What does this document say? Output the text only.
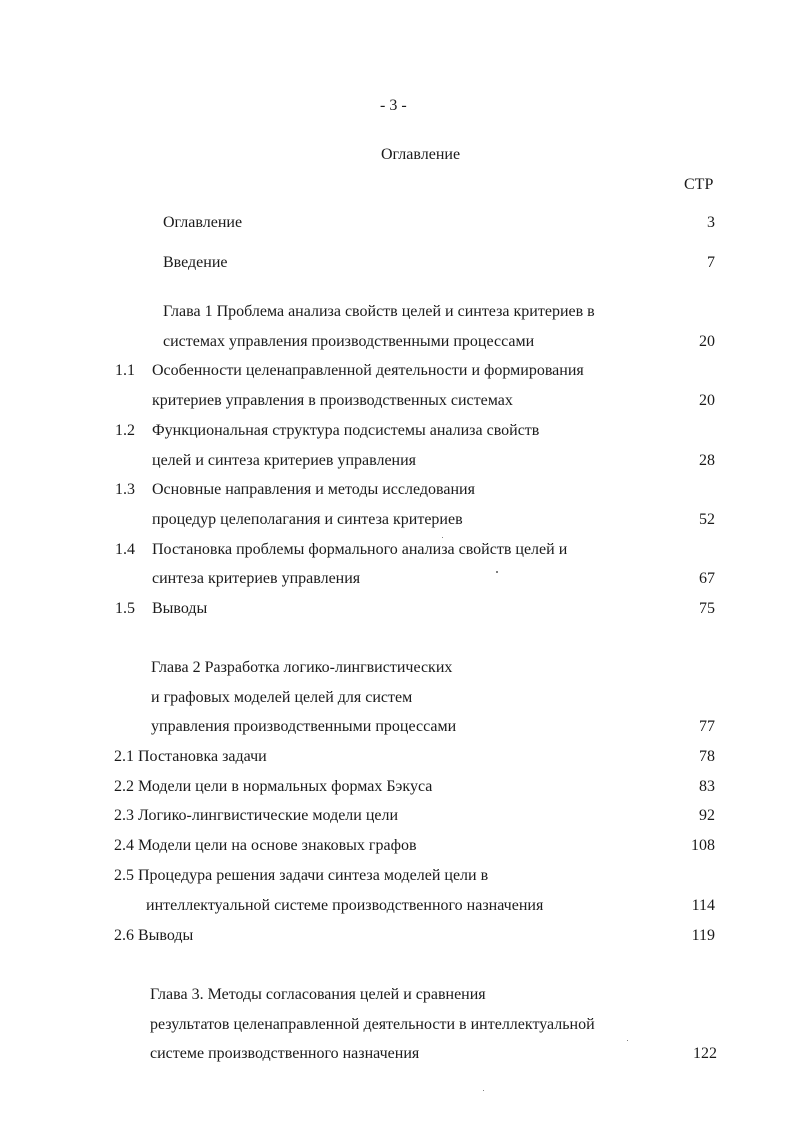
- 3 -
Оглавление
СТР
Оглавление	3
Введение	7
Глава 1 Проблема анализа свойств целей и синтеза критериев в
системах управления производственными процессами	20
1.1 Особенности целенаправленной деятельности и формирования
критериев управления в производственных системах	20
1.2 Функциональная структура подсистемы анализа свойств
целей и синтеза критериев управления	28
1.3 Основные направления и методы исследования
процедур целеполагания и синтеза критериев	52
1.4 Постановка проблемы формального анализа свойств целей и
синтеза критериев управления	67
1.5 Выводы	75
Глава 2 Разработка логико-лингвистических
и графовых моделей целей для систем
управления производственными процессами	77
2.1 Постановка задачи	78
2.2 Модели цели в нормальных формах Бэкуса	83
2.3 Логико-лингвистические модели цели	92
2.4 Модели цели на основе знаковых графов	108
2.5 Процедура решения задачи синтеза моделей цели в
интеллектуальной системе производственного назначения	114
2.6 Выводы	119
Глава 3. Методы согласования целей и сравнения
результатов целенаправленной деятельности в интеллектуальной
системе производственного назначения	122
